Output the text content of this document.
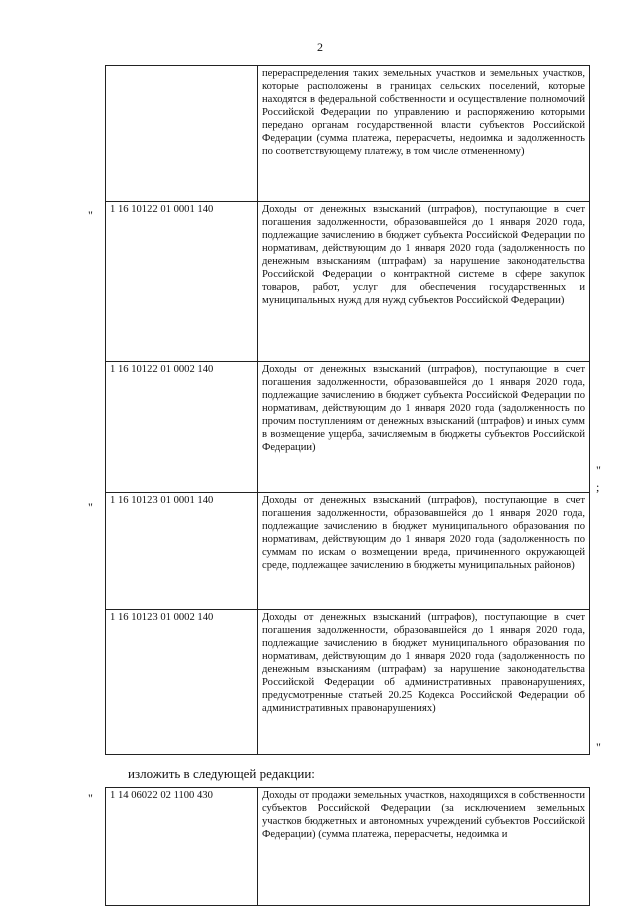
2
	перераспределения таких земельных участков и земельных участков, которые расположены в границах сельских поселений, которые находятся в федеральной собственности и осуществление полномочий Российской Федерации по управлению и распоряжению которыми передано органам государственной власти субъектов Российской Федерации (сумма платежа, перерасчеты, недоимка и задолженность по соответствующему платежу, в том числе отмененному)
1 16 10122 01 0001 140	Доходы от денежных взысканий (штрафов), поступающие в счет погашения задолженности, образовавшейся до 1 января 2020 года, подлежащие зачислению в бюджет субъекта Российской Федерации по нормативам, действующим до 1 января 2020 года (задолженность по денежным взысканиям (штрафам) за нарушение законодательства Российской Федерации о контрактной системе в сфере закупок товаров, работ, услуг для обеспечения государственных и муниципальных нужд для нужд субъектов Российской Федерации)
1 16 10122 01 0002 140	Доходы от денежных взысканий (штрафов), поступающие в счет погашения задолженности, образовавшейся до 1 января 2020 года, подлежащие зачислению в бюджет субъекта Российской Федерации по нормативам, действующим до 1 января 2020 года (задолженность по прочим поступлениям от денежных взысканий (штрафов) и иных сумм в возмещение ущерба, зачисляемым в бюджеты субъектов Российской Федерации)
1 16 10123 01 0001 140	Доходы от денежных взысканий (штрафов), поступающие в счет погашения задолженности, образовавшейся до 1 января 2020 года, подлежащие зачислению в бюджет муниципального образования по нормативам, действующим до 1 января 2020 года (задолженность по суммам по искам о возмещении вреда, причиненного окружающей среде, подлежащее зачислению в бюджеты муниципальных районов)
1 16 10123 01 0002 140	Доходы от денежных взысканий (штрафов), поступающие в счет погашения задолженности, образовавшейся до 1 января 2020 года, подлежащие зачислению в бюджет муниципального образования по нормативам, действующим до 1 января 2020 года (задолженность по денежным взысканиям (штрафам) за нарушение законодательства Российской Федерации об административных правонарушениях, предусмотренные статьей 20.25 Кодекса Российской Федерации об административных правонарушениях)
"
"
"
;
"
изложить в следующей редакции:
" 1 14 06022 02 1100 430	Доходы от продажи земельных участков, находящихся в собственности субъектов Российской Федерации (за исключением земельных участков бюджетных и автономных учреждений субъектов Российской Федерации) (сумма платежа, перерасчеты, недоимка и
